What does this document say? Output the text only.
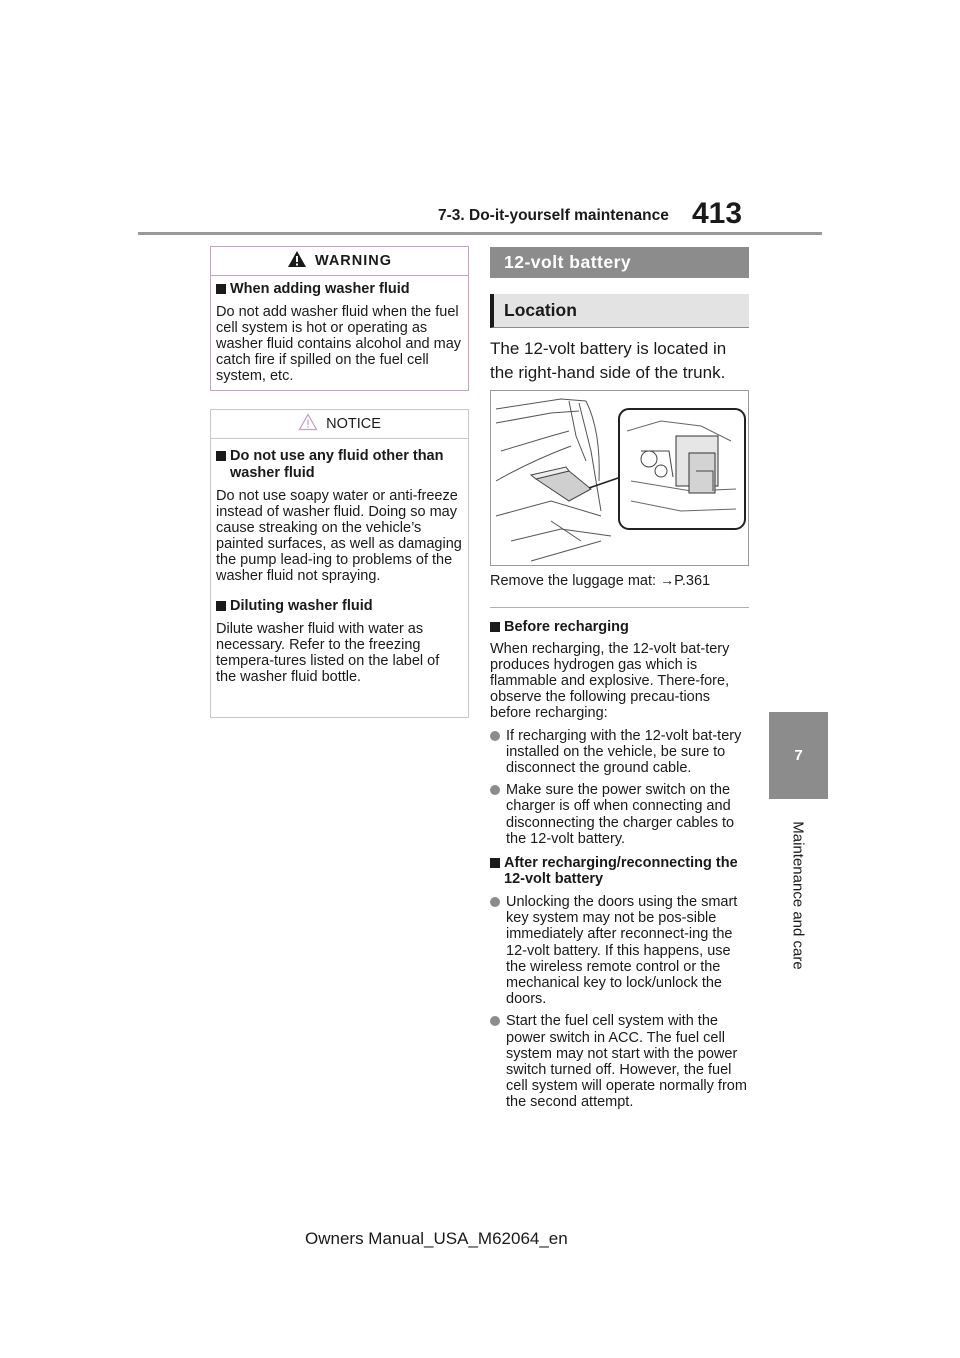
7-3. Do-it-yourself maintenance 413
7
Maintenance and care
WARNING
When adding washer fluid
Do not add washer fluid when the fuel cell system is hot or operating as washer fluid contains alcohol and may catch fire if spilled on the fuel cell system, etc.
NOTICE
Do not use any fluid other than washer fluid
Do not use soapy water or anti-freeze instead of washer fluid. Doing so may cause streaking on the vehicle’s painted surfaces, as well as damaging the pump lead-ing to problems of the washer fluid not spraying.
Diluting washer fluid
Dilute washer fluid with water as necessary. Refer to the freezing tempera-tures listed on the label of the washer fluid bottle.
12-volt battery
Location
The 12-volt battery is located in the right-hand side of the trunk.
Remove the luggage mat: →P.361
Before recharging
When recharging, the 12-volt bat-tery produces hydrogen gas which is flammable and explosive. There-fore, observe the following precau-tions before recharging:
If recharging with the 12-volt bat-tery installed on the vehicle, be sure to disconnect the ground cable.
Make sure the power switch on the charger is off when connecting and disconnecting the charger cables to the 12-volt battery.
After recharging/reconnecting the 12-volt battery
Unlocking the doors using the smart key system may not be pos-sible immediately after reconnect-ing the 12-volt battery. If this happens, use the wireless remote control or the mechanical key to lock/unlock the doors.
Start the fuel cell system with the power switch in ACC. The fuel cell system may not start with the power switch turned off. However, the fuel cell system will operate normally from the second attempt.
Owners Manual_USA_M62064_en
